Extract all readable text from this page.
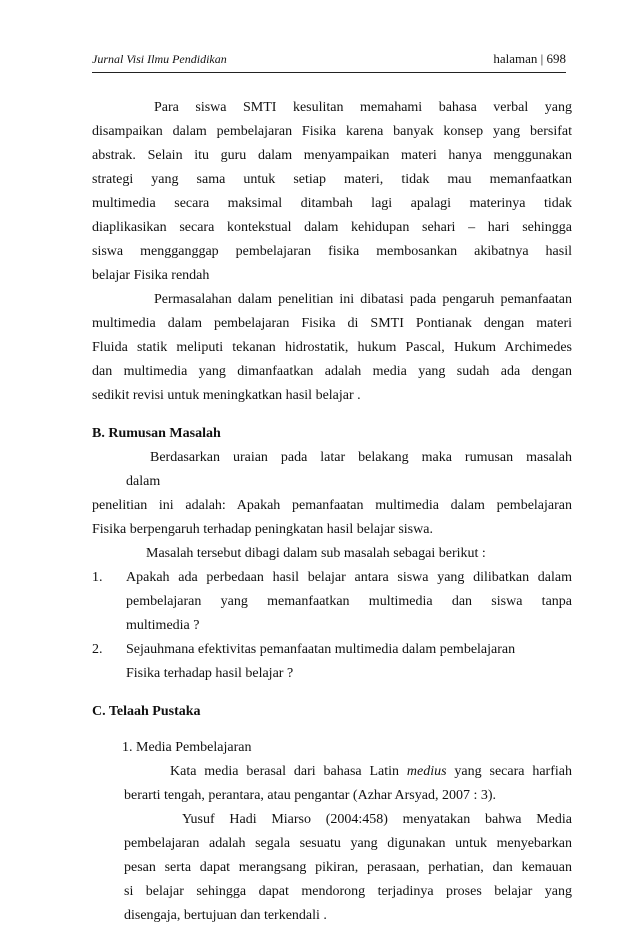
Jurnal Visi Ilmu Pendidikan	halaman | 698
Para siswa SMTI kesulitan memahami bahasa verbal yang
disampaikan dalam pembelajaran Fisika karena banyak konsep yang bersifat
abstrak. Selain itu guru dalam menyampaikan materi hanya menggunakan
strategi yang sama untuk setiap materi, tidak mau memanfaatkan
multimedia secara maksimal ditambah lagi apalagi materinya tidak
diaplikasikan secara kontekstual dalam kehidupan sehari – hari sehingga
siswa mengganggap pembelajaran fisika membosankan akibatnya hasil
belajar Fisika rendah
Permasalahan dalam penelitian ini dibatasi pada pengaruh pemanfaatan
multimedia dalam pembelajaran Fisika di SMTI Pontianak dengan materi
Fluida statik meliputi tekanan hidrostatik, hukum Pascal, Hukum Archimedes
dan multimedia yang dimanfaatkan adalah media yang sudah ada dengan
sedikit revisi untuk meningkatkan hasil belajar .
B. Rumusan Masalah
Berdasarkan uraian pada latar belakang maka rumusan masalah
dalam
penelitian ini adalah: Apakah pemanfaatan multimedia dalam pembelajaran
Fisika berpengaruh terhadap peningkatan hasil belajar siswa.
Masalah tersebut dibagi dalam sub masalah sebagai berikut :
1. Apakah ada perbedaan hasil belajar antara siswa yang dilibatkan dalam
pembelajaran yang memanfaatkan multimedia dan siswa tanpa
multimedia ?
2. Sejauhmana efektivitas pemanfaatan multimedia dalam pembelajaran
Fisika terhadap hasil belajar ?
C. Telaah Pustaka
1. Media Pembelajaran
Kata media berasal dari bahasa Latin medius yang secara harfiah
berarti tengah, perantara, atau pengantar (Azhar Arsyad, 2007 : 3).
Yusuf Hadi Miarso (2004:458) menyatakan bahwa Media
pembelajaran adalah segala sesuatu yang digunakan untuk menyebarkan
pesan serta dapat merangsang pikiran, perasaan, perhatian, dan kemauan
si belajar sehingga dapat mendorong terjadinya proses belajar yang
disengaja, bertujuan dan terkendali .
